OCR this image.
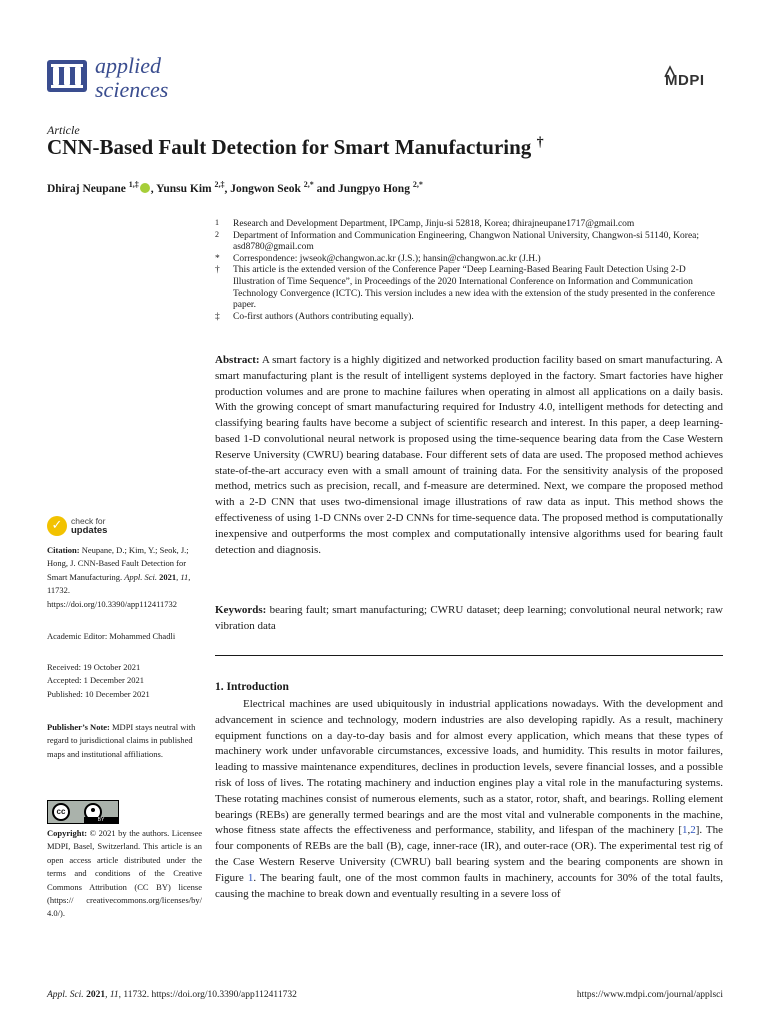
applied
sciences	MDPI
Article
CNN-Based Fault Detection for Smart Manufacturing †
Dhiraj Neupane $^{1,\ddagger}$ , Yunsu Kim $^{2,\ddagger}$, Jongwon Seok $^{2,*}$ and Jungpyo Hong $^{2,*}$
1 Research and Development Department, IPCamp, Jinju-si 52818, Korea; dhirajneupane1717@gmail.com
2 Department of Information and Communication Engineering, Changwon National University, Changwon-si 51140, Korea; asd8780@gmail.com
* Correspondence: jwseok@changwon.ac.kr (J.S.); hansin@changwon.ac.kr (J.H.)
† This article is the extended version of the Conference Paper “Deep Learning-Based Bearing Fault Detection Using 2-D Illustration of Time Sequence”, in Proceedings of the 2020 International Conference on Information and Communication Technology Convergence (ICTC). This version includes a new idea with the extension of the study presented in the conference paper.
‡ Co-first authors (Authors contributing equally).
Abstract: A smart factory is a highly digitized and networked production facility based on smart manufacturing. A smart manufacturing plant is the result of intelligent systems deployed in the factory. Smart factories have higher production volumes and are prone to machine failures when operating in almost all applications on a daily basis. With the growing concept of smart manufacturing required for Industry 4.0, intelligent methods for detecting and classifying bearing faults have become a subject of scientific research and interest. In this paper, a deep learning-based 1-D convolutional neural network is proposed using the time-sequence bearing data from the Case Western Reserve University (CWRU) bearing database. Four different sets of data are used. The proposed method achieves state-of-the-art accuracy even with a small amount of training data. For the sensitivity analysis of the proposed method, metrics such as precision, recall, and f-measure are determined. Next, we compare the proposed method with a 2-D CNN that uses two-dimensional image illustrations of raw data as input. This method shows the effectiveness of using 1-D CNNs over 2-D CNNs for time-sequence data. The proposed method is computationally inexpensive and outperforms the most complex and computationally intensive algorithms used for bearing fault detection and diagnosis.
Keywords: bearing fault; smart manufacturing; CWRU dataset; deep learning; convolutional neural network; raw vibration data
1. Introduction
Electrical machines are used ubiquitously in industrial applications nowadays. With the development and advancement in science and technology, modern industries are also developing rapidly. As a result, machinery equipment functions on a day-to-day basis and for almost every application, which means that these types of machinery work under unfavorable circumstances, excessive loads, and humidity. This results in motor failures, leading to massive maintenance expenditures, declines in production levels, severe financial losses, and a possible risk of loss of lives. The rotating machinery and induction engines play a vital role in the manufacturing systems. These rotating machines consist of numerous elements, such as a stator, rotor, shaft, and bearings. Rolling element bearings (REBs) are generally termed bearings and are the most vital and vulnerable components in the machine, whose fitness state affects the effectiveness and performance, stability, and lifespan of the machinery [1,2]. The four components of REBs are the ball (B), cage, inner-race (IR), and outer-race (OR). The experimental test rig of the Case Western Reserve University (CWRU) ball bearing system and the bearing components are shown in Figure 1. The bearing fault, one of the most common faults in machinery, accounts for 30% of the total faults, causing the machine to break down and eventually resulting in a severe loss of
✓	check for
updates
Citation: Neupane, D.; Kim, Y.; Seok, J.; Hong, J. CNN-Based Fault Detection for Smart Manufacturing. Appl. Sci. 2021, 11, 11732. https://doi.org/10.3390/app112411732
Academic Editor: Mohammed Chadli
Received: 19 October 2021
Accepted: 1 December 2021
Published: 10 December 2021
Publisher’s Note: MDPI stays neutral with regard to jurisdictional claims in published maps and institutional affiliations.
cc
BY
Copyright: © 2021 by the authors. Licensee MDPI, Basel, Switzerland. This article is an open access article distributed under the terms and conditions of the Creative Commons Attribution (CC BY) license (https:// creativecommons.org/licenses/by/ 4.0/).
Appl. Sci. 2021, 11, 11732. https://doi.org/10.3390/app112411732	https://www.mdpi.com/journal/applsci
